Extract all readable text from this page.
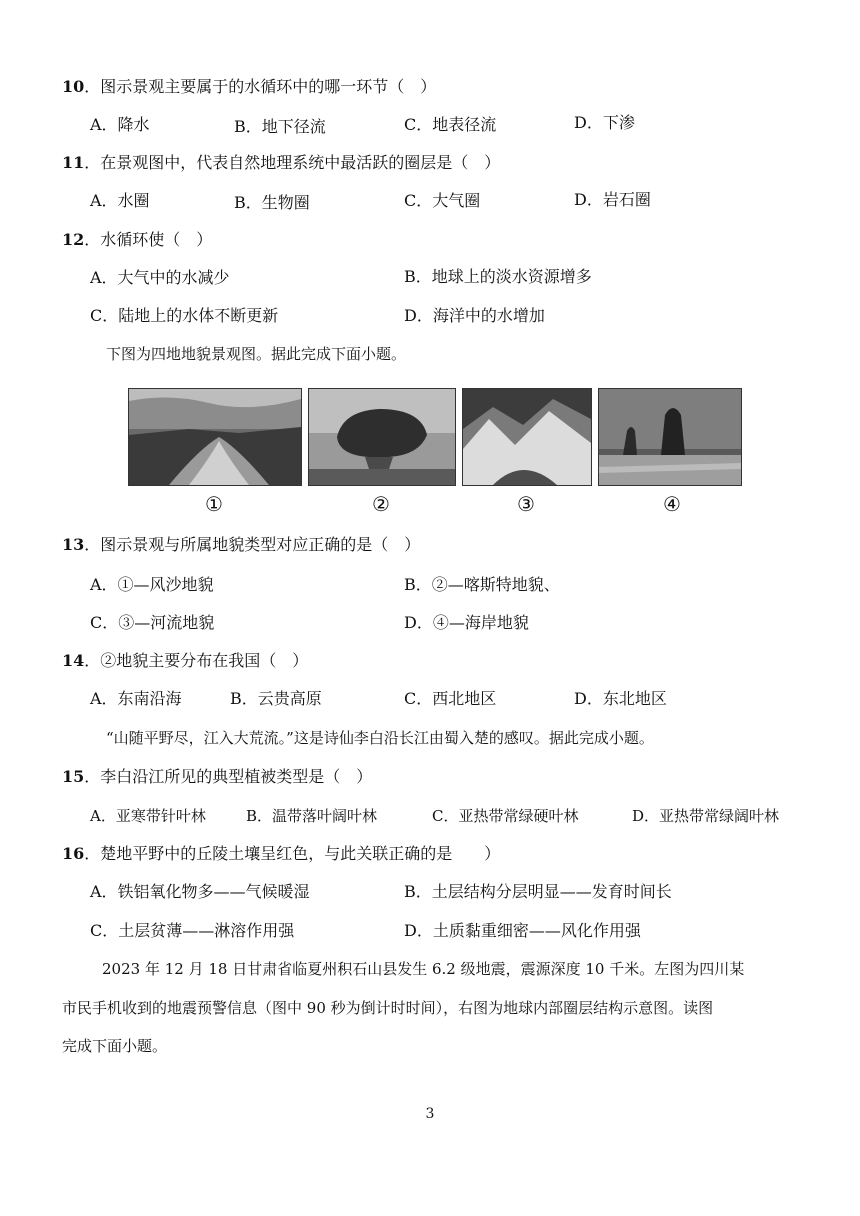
10．图示景观主要属于的水循环中的哪一环节（　）
A．降水	B．地下径流	C．地表径流	D．下渗
11．在景观图中，代表自然地理系统中最活跃的圈层是（　）
A．水圈	B．生物圈	C．大气圈	D．岩石圈
12．水循环使（　）
A．大气中的水减少	B．地球上的淡水资源增多
C．陆地上的水体不断更新	D．海洋中的水增加
下图为四地地貌景观图。据此完成下面小题。
①	②	③	④
13．图示景观与所属地貌类型对应正确的是（　）
A．①—风沙地貌	B．②—喀斯特地貌、
C．③—河流地貌	D．④—海岸地貌
14．②地貌主要分布在我国（　）
A．东南沿海	B．云贵高原	C．西北地区	D．东北地区
“山随平野尽，江入大荒流。”这是诗仙李白沿长江由蜀入楚的感叹。据此完成小题。
15．李白沿江所见的典型植被类型是（　）
A．亚寒带针叶林	B．温带落叶阔叶林	C．亚热带常绿硬叶林	D．亚热带常绿阔叶林
16．楚地平野中的丘陵土壤呈红色，与此关联正确的是　　）
A．铁铝氧化物多——气候暖湿	B．土层结构分层明显——发育时间长
C．土层贫薄——淋溶作用强	D．土质黏重细密——风化作用强
2023 年 12 月 18 日甘肃省临夏州积石山县发生 6.2 级地震，震源深度 10 千米。左图为四川某
市民手机收到的地震预警信息（图中 90 秒为倒计时时间），右图为地球内部圈层结构示意图。读图
完成下面小题。
3
